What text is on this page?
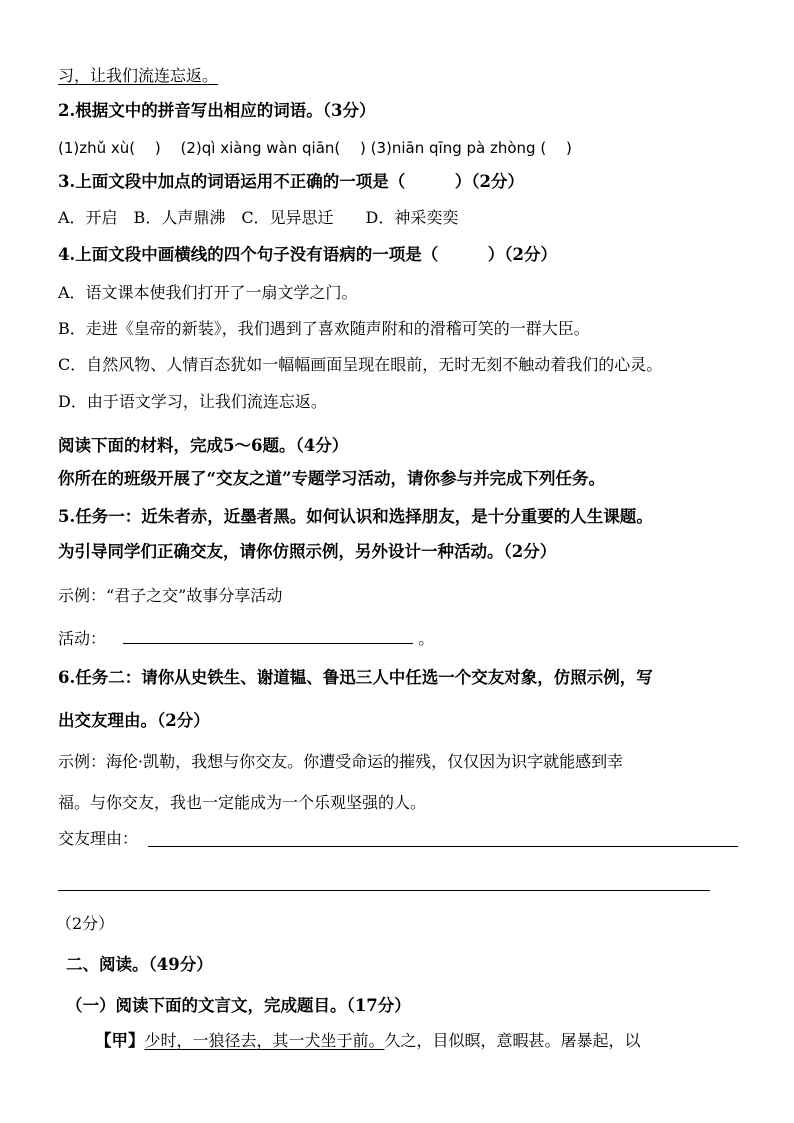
习，让我们流连忘返。
2.根据文中的拼音写出相应的词语。（3分）
(1)zhǔ xù(　 )　 (2)qì xiàng wàn qiān(　 ) (3)niān qīng pà zhòng (　 )
3.上面文段中加点的词语运用不正确的一项是（　　　）（2分）
A．开启　B．人声鼎沸　C．见异思迁　　D．神采奕奕
4.上面文段中画横线的四个句子没有语病的一项是（　　　）（2分）
A．语文课本使我们打开了一扇文学之门。
B．走进《皇帝的新装》，我们遇到了喜欢随声附和的滑稽可笑的一群大臣。
C．自然风物、人情百态犹如一幅幅画面呈现在眼前，无时无刻不触动着我们的心灵。
D．由于语文学习，让我们流连忘返。
阅读下面的材料，完成5～6题。（4分）
你所在的班级开展了“交友之道”专题学习活动，请你参与并完成下列任务。
5.任务一：近朱者赤，近墨者黑。如何认识和选择朋友，是十分重要的人生课题。
为引导同学们正确交友，请你仿照示例，另外设计一种活动。（2分）
示例：“君子之交”故事分享活动
活动：	。
6.任务二：请你从史铁生、谢道韫、鲁迅三人中任选一个交友对象，仿照示例，写
出交友理由。（2分）
示例：海伦·凯勒，我想与你交友。你遭受命运的摧残，仅仅因为识字就能感到幸
福。与你交友，我也一定能成为一个乐观坚强的人。
交友理由：
（2分）
二、阅读。（49分）
（一）阅读下面的文言文，完成题目。（17分）
【甲】少时，一狼径去，其一犬坐于前。久之，目似瞑，意暇甚。屠暴起，以
